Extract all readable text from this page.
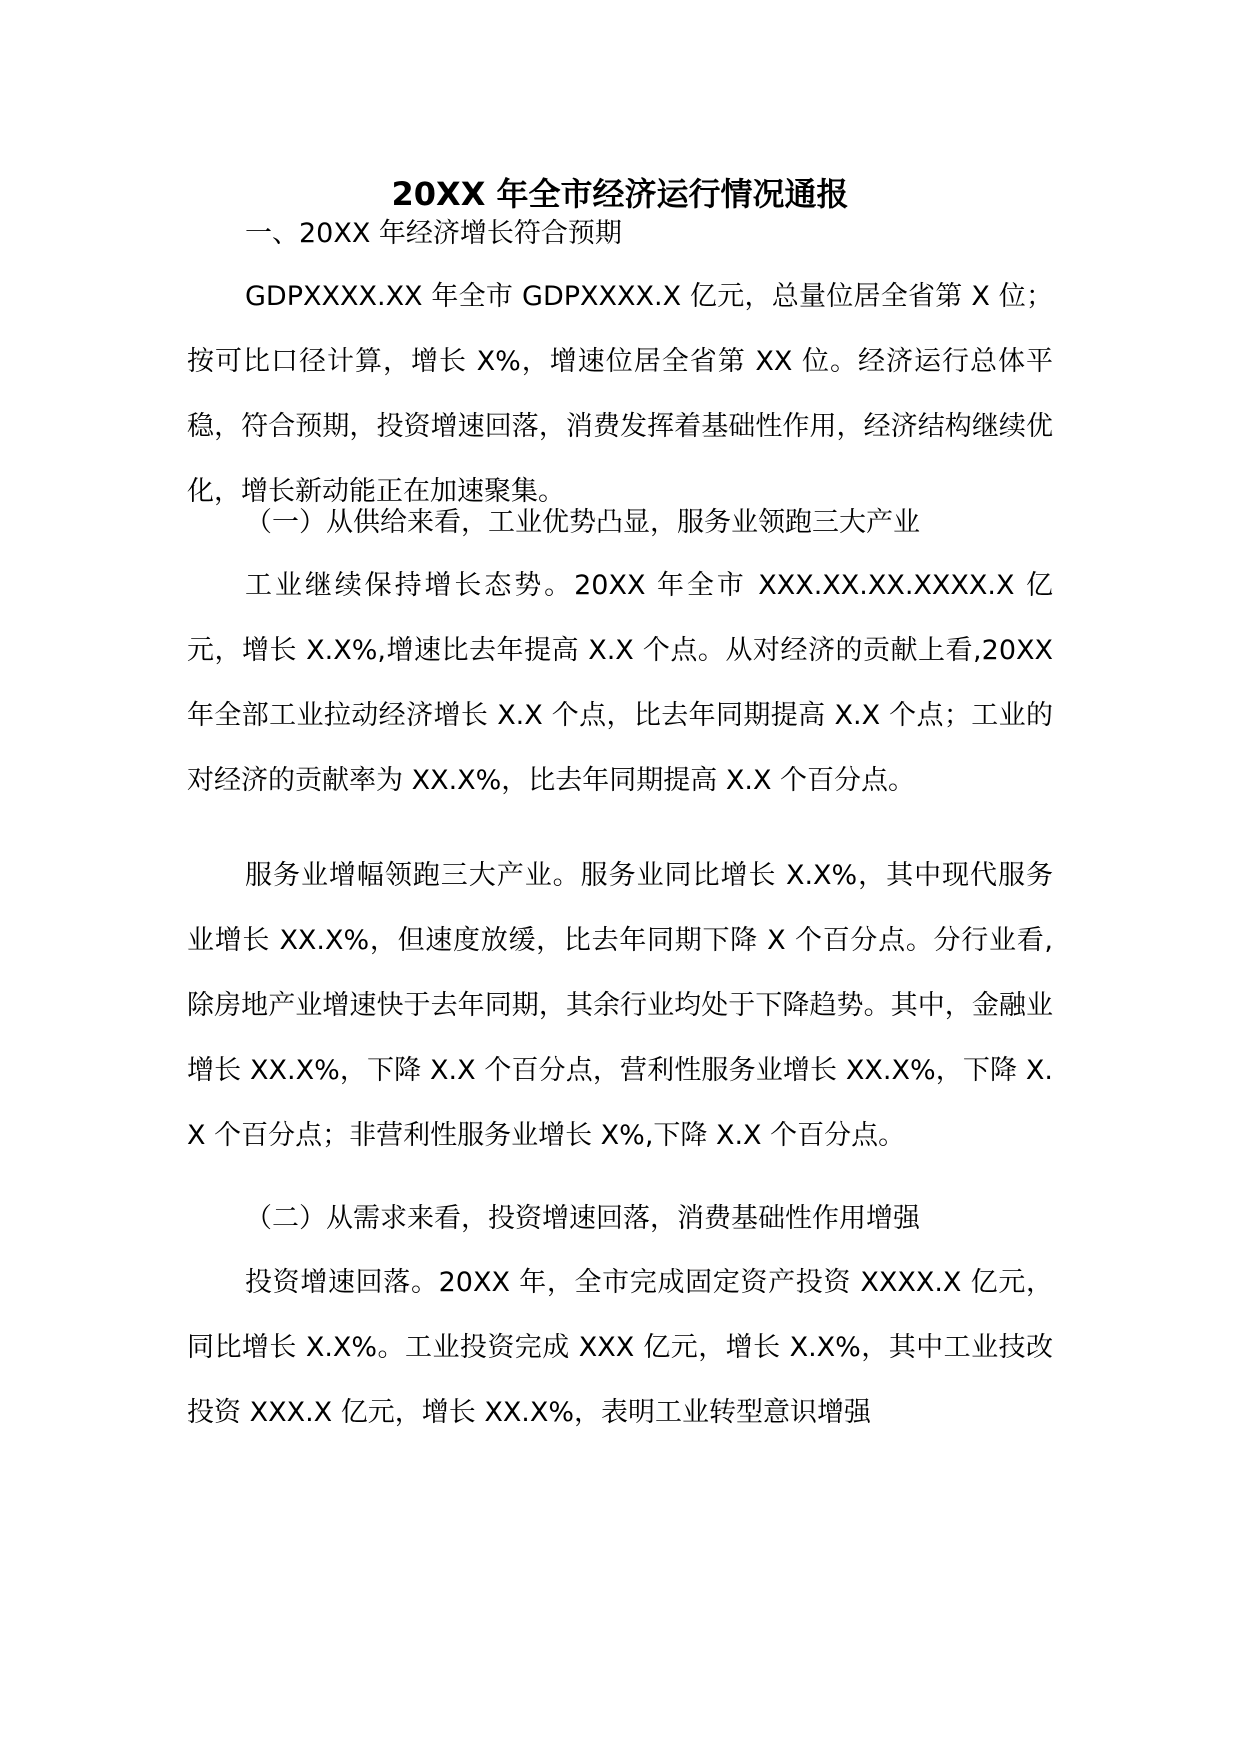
20XX 年全市经济运行情况通报

一、20XX 年经济增长符合预期

GDPXXXX.XX 年全市 GDPXXXX.X 亿元，总量位居全省第 X 位；按可比口径计算，增长 X%，增速位居全省第 XX 位。经济运行总体平稳，符合预期，投资增速回落，消费发挥着基础性作用，经济结构继续优化，增长新动能正在加速聚集。

（一）从供给来看，工业优势凸显，服务业领跑三大产业

工业继续保持增长态势。20XX 年全市 XXX.XX.XX.XXXX.X 亿元，增长 X.X%,增速比去年提高 X.X 个点。从对经济的贡献上看,20XX 年全部工业拉动经济增长 X.X 个点，比去年同期提高 X.X 个点；工业的对经济的贡献率为 XX.X%，比去年同期提高 X.X 个百分点。

服务业增幅领跑三大产业。服务业同比增长 X.X%，其中现代服务业增长 XX.X%，但速度放缓，比去年同期下降 X 个百分点。分行业看,除房地产业增速快于去年同期，其余行业均处于下降趋势。其中，金融业增长 XX.X%，下降 X.X 个百分点，营利性服务业增长 XX.X%，下降 X.X 个百分点；非营利性服务业增长 X%,下降 X.X 个百分点。

（二）从需求来看，投资增速回落，消费基础性作用增强

投资增速回落。20XX 年，全市完成固定资产投资 XXXX.X 亿元，同比增长 X.X%。工业投资完成 XXX 亿元，增长 X.X%，其中工业技改投资 XXX.X 亿元，增长 XX.X%，表明工业转型意识增强
